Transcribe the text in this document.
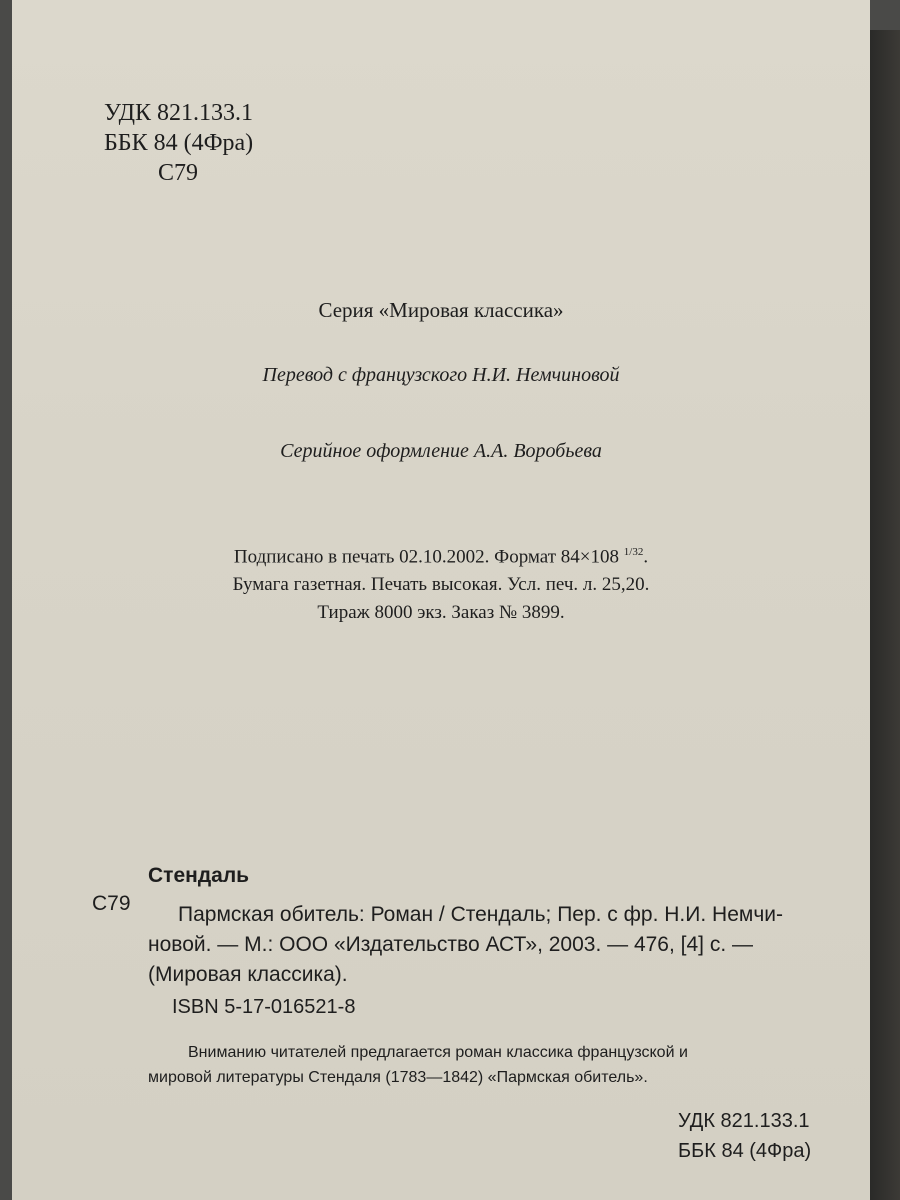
УДК 821.133.1
ББК 84 (4Фра)
С79
Серия «Мировая классика»
Перевод с французского Н.И. Немчиновой
Серийное оформление А.А. Воробьева
Подписано в печать 02.10.2002. Формат 84×108 $^{1/32}$.
Бумага газетная. Печать высокая. Усл. печ. л. 25,20.
Тираж 8000 экз. Заказ № 3899.
Стендаль
С79	Пармская обитель: Роман / Стендаль; Пер. с фр. Н.И. Немчи-
новой. — М.: ООО «Издательство АСТ», 2003. — 476, [4] с. —
(Мировая классика).
ISBN 5-17-016521-8
Вниманию читателей предлагается роман классика французской и
мировой литературы Стендаля (1783—1842) «Пармская обитель».
УДК 821.133.1
ББК 84 (4Фра)
